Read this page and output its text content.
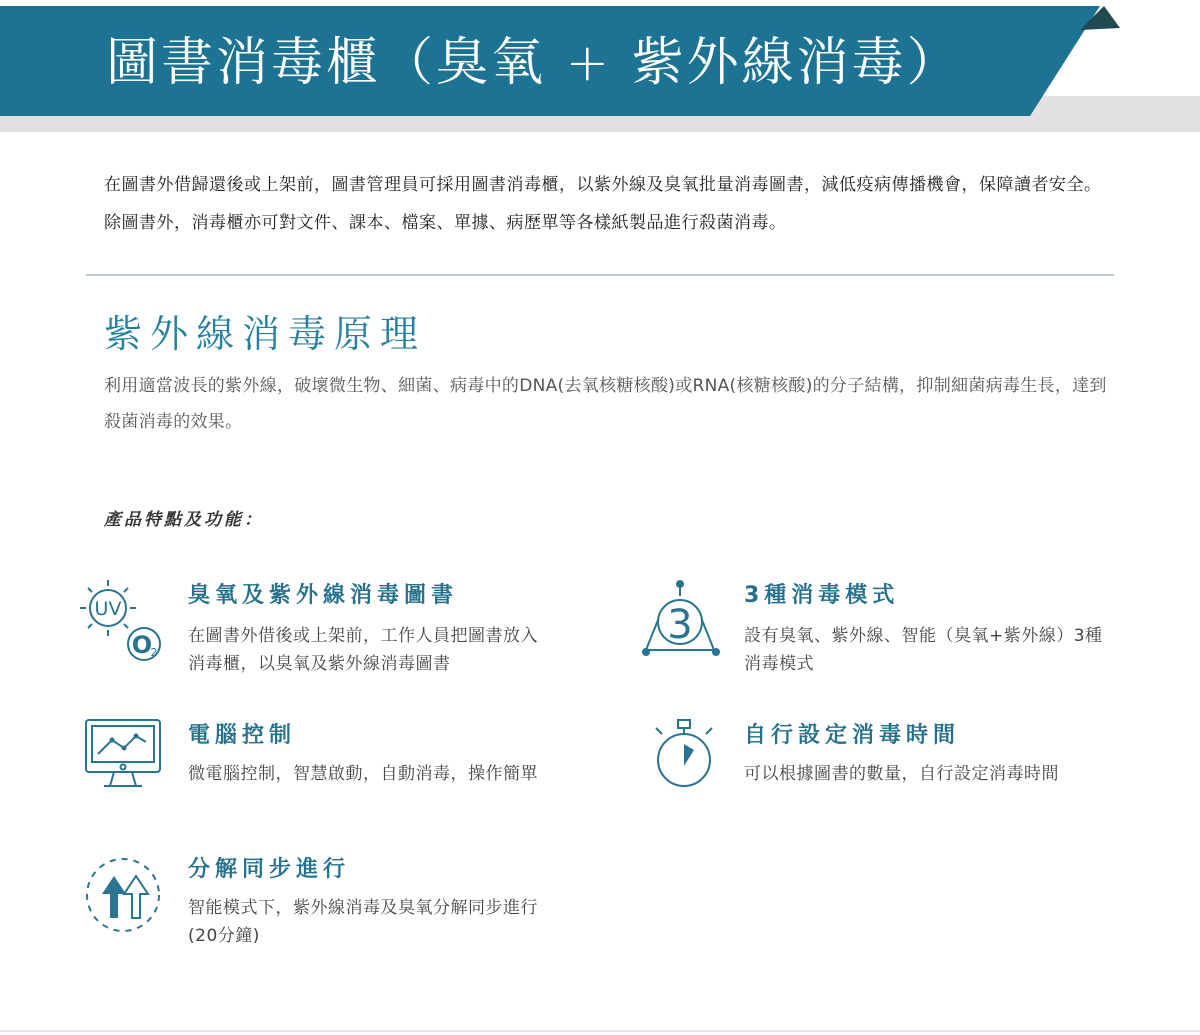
圖書消毒櫃（臭氧 + 紫外線消毒）
在圖書外借歸還後或上架前，圖書管理員可採用圖書消毒櫃，以紫外線及臭氧批量消毒圖書，減低疫病傳播機會，保障讀者安全。除圖書外，消毒櫃亦可對文件、課本、檔案、單據、病歷單等各樣紙製品進行殺菌消毒。
紫外線消毒原理
利用適當波長的紫外線，破壞微生物、細菌、病毒中的DNA(去氧核糖核酸)或RNA(核糖核酸)的分子結構，抑制細菌病毒生長，達到殺菌消毒的效果。
產品特點及功能：
UV
O
2
臭氧及紫外線消毒圖書
在圖書外借後或上架前，工作人員把圖書放入消毒櫃，以臭氧及紫外線消毒圖書
3
3種消毒模式
設有臭氧、紫外線、智能（臭氧+紫外線）3種消毒模式
電腦控制
微電腦控制，智慧啟動，自動消毒，操作簡單
自行設定消毒時間
可以根據圖書的數量，自行設定消毒時間
分解同步進行
智能模式下，紫外線消毒及臭氧分解同步進行(20分鐘)
